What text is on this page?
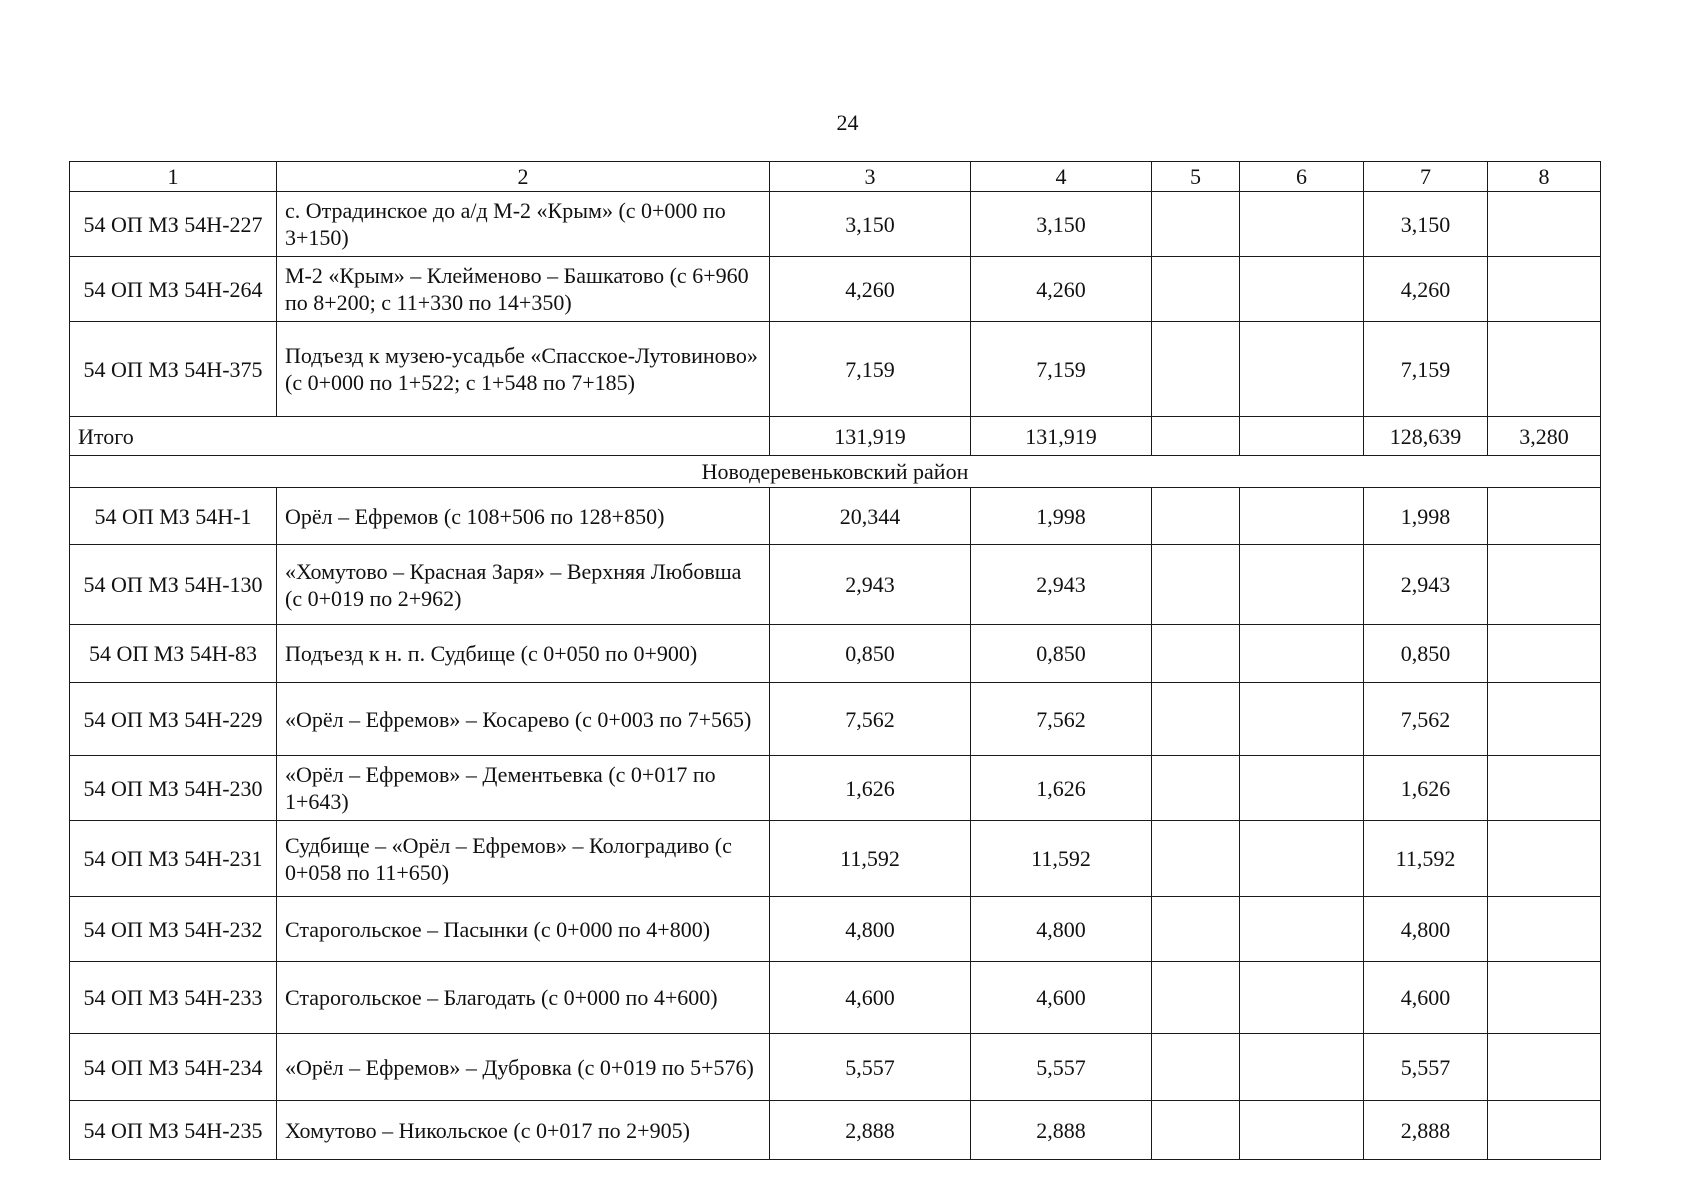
24
1	2	3	4	5	6	7	8
54 ОП МЗ 54Н-227	с. Отрадинское до а/д М-2 «Крым» (с 0+000 по 3+150)	3,150	3,150			3,150	
54 ОП МЗ 54Н-264	М-2 «Крым» – Клейменово – Башкатово (с 6+960 по 8+200; с 11+330 по 14+350)	4,260	4,260			4,260	
54 ОП МЗ 54Н-375	Подъезд к музею-усадьбе «Спасское-Лутовиново» (с 0+000 по 1+522; с 1+548 по 7+185)	7,159	7,159			7,159	
Итого		131,919	131,919			128,639	3,280
Новодеревеньковский район							
54 ОП МЗ 54Н-1	Орёл – Ефремов (с 108+506 по 128+850)	20,344	1,998			1,998	
54 ОП МЗ 54Н-130	«Хомутово – Красная Заря» – Верхняя Любовша (с 0+019 по 2+962)	2,943	2,943			2,943	
54 ОП МЗ 54Н-83	Подъезд к н. п. Судбище (с 0+050 по 0+900)	0,850	0,850			0,850	
54 ОП МЗ 54Н-229	«Орёл – Ефремов» – Косарево (с 0+003 по 7+565)	7,562	7,562			7,562	
54 ОП МЗ 54Н-230	«Орёл – Ефремов» – Дементьевка (с 0+017 по 1+643)	1,626	1,626			1,626	
54 ОП МЗ 54Н-231	Судбище – «Орёл – Ефремов» – Колоградиво (с 0+058 по 11+650)	11,592	11,592			11,592	
54 ОП МЗ 54Н-232	Старогольское – Пасынки (с 0+000 по 4+800)	4,800	4,800			4,800	
54 ОП МЗ 54Н-233	Старогольское – Благодать (с 0+000 по 4+600)	4,600	4,600			4,600	
54 ОП МЗ 54Н-234	«Орёл – Ефремов» – Дубровка (с 0+019 по 5+576)	5,557	5,557			5,557	
54 ОП МЗ 54Н-235	Хомутово – Никольское (с 0+017 по 2+905)	2,888	2,888			2,888	
